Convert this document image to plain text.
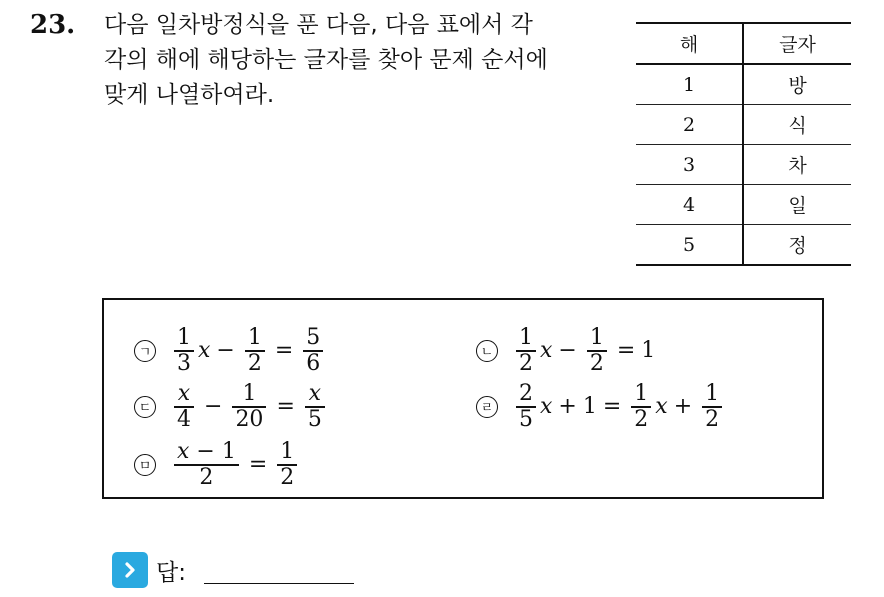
23. 다음 일차방정식을 푼 다음, 다음 표에서 각
각의 해에 해당하는 글자를 찾아 문제 순서에
맞게 나열하여라.
해	글자
1	방
2	식
3	차
4	일
5	정
ㄱ $\frac{1}{3}$ $x - \frac{1}{2} = \frac{5}{6}$	ㄴ $\frac{1}{2}$ $x - \frac{1}{2} = 1$
ㄷ $\frac{x}{4} - \frac{1}{20} = \frac{x}{5}$	ㄹ $\frac{2}{5}$ $x + 1 = \frac{1}{2}$ $x + \frac{1}{2}$
ㅁ $\frac{x - 1}{2} = \frac{1}{2}$
답:
